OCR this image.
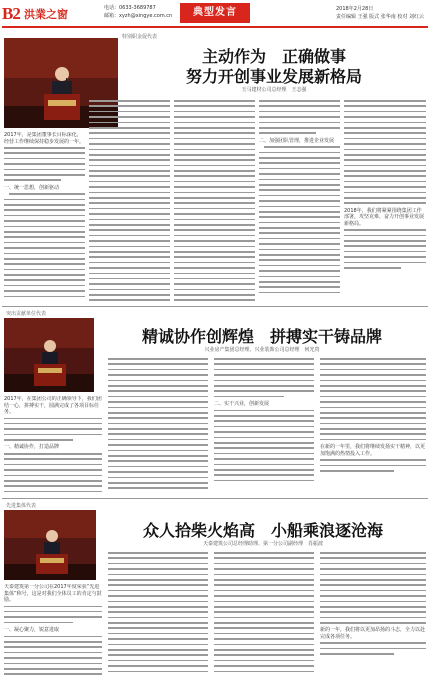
B2 洪業之窗	电话：0633-3689787
邮箱：xyzh@xingye.com.cn	典型发言	2018年2月28日
责任编辑 王强 版式 张华南 校对 刘红云
特别职金促代表
主动作为　正确做事
努力开创事业发展新格局
玉马建材公司总经理　王志强
2017年，是集团董事长目标深化，经营工作继续保持稳步发展的一年。
一、统一思想，创新驱动
二、加强团队管理，推进企业发展
2018年，我们将紧紧围绕集团工作部署，攻坚克难，奋力开创事业发展新格局。
突出贡献单位代表
精诚协作创辉煌　拼搏实干铸品牌
兴业房产集团总经理、兴业装饰公司总经理　何光贵
2017年，在集团公司的正确领导下，我们团结一心，拼搏实干，圆满完成了各项目标任务。
一、精诚协作，打造品牌
二、实干兴业，创新发展
在新的一年里，我们将继续发扬实干精神，以更加饱满的热情投入工作。
先进集体代表
众人拾柴火焰高　小船乘浪逐沧海
天泰建筑公司总经理助理、第一分公司副经理　肖振波
天泰建筑第一分公司在2017年度荣获“先进集体”称号，这是对我们全体员工的肯定与鼓励。
一、凝心聚力，锐意进取	新的一年，我们将以更加昂扬的斗志，全力以赴完成各项任务。
